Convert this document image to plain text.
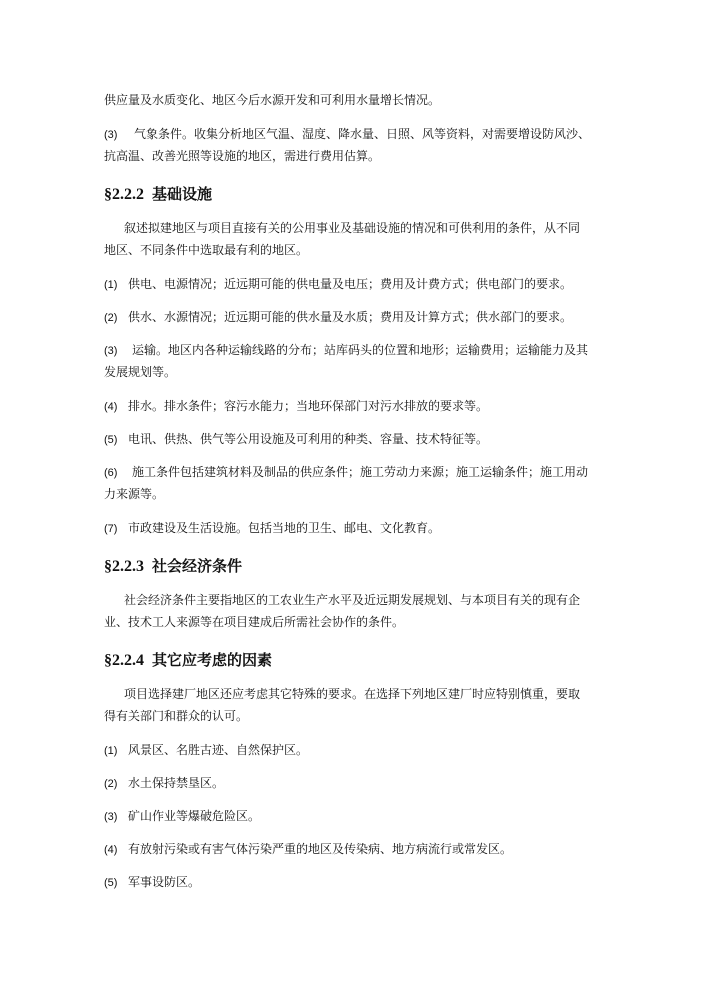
供应量及水质变化、地区今后水源开发和可利用水量增长情况。
(3) 气象条件。收集分析地区气温、湿度、降水量、日照、风等资料，对需要增设防风沙、
抗高温、改善光照等设施的地区，需进行费用估算。
§2.2.2 基础设施
叙述拟建地区与项目直接有关的公用事业及基础设施的情况和可供利用的条件，从不同
地区、不同条件中选取最有利的地区。
(1) 供电、电源情况；近远期可能的供电量及电压；费用及计费方式；供电部门的要求。
(2) 供水、水源情况；近远期可能的供水量及水质；费用及计算方式；供水部门的要求。
(3) 运输。地区内各种运输线路的分布；站库码头的位置和地形；运输费用；运输能力及其
发展规划等。
(4) 排水。排水条件；容污水能力；当地环保部门对污水排放的要求等。
(5) 电讯、供热、供气等公用设施及可利用的种类、容量、技术特征等。
(6) 施工条件包括建筑材料及制品的供应条件；施工劳动力来源；施工运输条件；施工用动
力来源等。
(7) 市政建设及生活设施。包括当地的卫生、邮电、文化教育。
§2.2.3 社会经济条件
社会经济条件主要指地区的工农业生产水平及近远期发展规划、与本项目有关的现有企
业、技术工人来源等在项目建成后所需社会协作的条件。
§2.2.4 其它应考虑的因素
项目选择建厂地区还应考虑其它特殊的要求。在选择下列地区建厂时应特别慎重，要取
得有关部门和群众的认可。
(1) 风景区、名胜古迹、自然保护区。
(2) 水土保持禁垦区。
(3) 矿山作业等爆破危险区。
(4) 有放射污染或有害气体污染严重的地区及传染病、地方病流行或常发区。
(5) 军事设防区。
